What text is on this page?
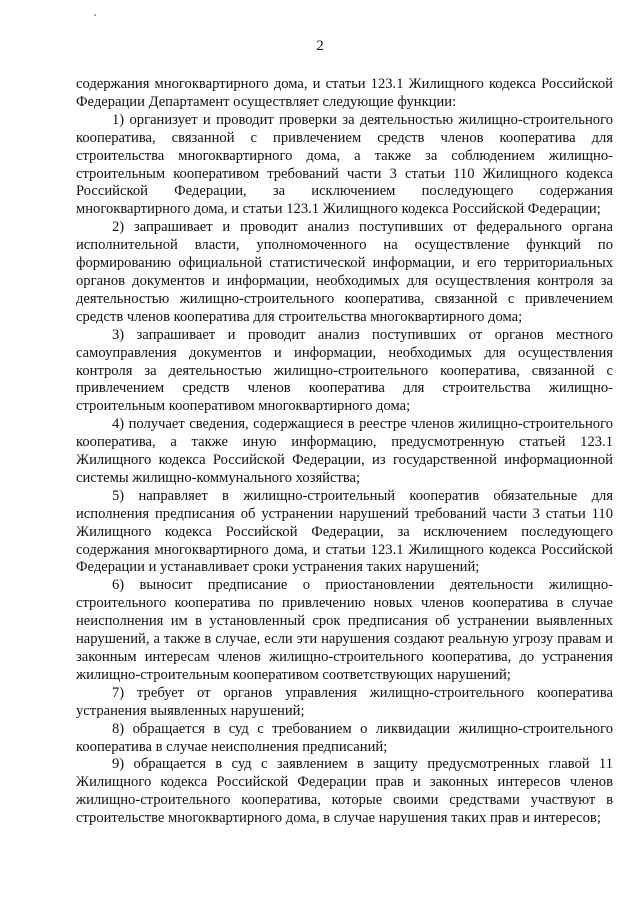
2

содержания многоквартирного дома, и статьи 123.1 Жилищного кодекса Российской Федерации Департамент осуществляет следующие функции:

1) организует и проводит проверки за деятельностью жилищно-строительного кооператива, связанной с привлечением средств членов кооператива для строительства многоквартирного дома, а также за соблюдением жилищно-строительным кооперативом требований части 3 статьи 110 Жилищного кодекса Российской Федерации, за исключением последующего содержания многоквартирного дома, и статьи 123.1 Жилищного кодекса Российской Федерации;

2) запрашивает и проводит анализ поступивших от федерального органа исполнительной власти, уполномоченного на осуществление функций по формированию официальной статистической информации, и его территориальных органов документов и информации, необходимых для осуществления контроля за деятельностью жилищно-строительного кооператива, связанной с привлечением средств членов кооператива для строительства многоквартирного дома;

3) запрашивает и проводит анализ поступивших от органов местного самоуправления документов и информации, необходимых для осуществления контроля за деятельностью жилищно-строительного кооператива, связанной с привлечением средств членов кооператива для строительства жилищно-строительным кооперативом многоквартирного дома;

4) получает сведения, содержащиеся в реестре членов жилищно-строительного кооператива, а также иную информацию, предусмотренную статьей 123.1 Жилищного кодекса Российской Федерации, из государственной информационной системы жилищно-коммунального хозяйства;

5) направляет в жилищно-строительный кооператив обязательные для исполнения предписания об устранении нарушений требований части 3 статьи 110 Жилищного кодекса Российской Федерации, за исключением последующего содержания многоквартирного дома, и статьи 123.1 Жилищного кодекса Российской Федерации и устанавливает сроки устранения таких нарушений;

6) выносит предписание о приостановлении деятельности жилищно-строительного кооператива по привлечению новых членов кооператива в случае неисполнения им в установленный срок предписания об устранении выявленных нарушений, а также в случае, если эти нарушения создают реальную угрозу правам и законным интересам членов жилищно-строительного кооператива, до устранения жилищно-строительным кооперативом соответствующих нарушений;

7) требует от органов управления жилищно-строительного кооператива устранения выявленных нарушений;

8) обращается в суд с требованием о ликвидации жилищно-строительного кооператива в случае неисполнения предписаний;

9) обращается в суд с заявлением в защиту предусмотренных главой 11 Жилищного кодекса Российской Федерации прав и законных интересов членов жилищно-строительного кооператива, которые своими средствами участвуют в строительстве многоквартирного дома, в случае нарушения таких прав и интересов;
